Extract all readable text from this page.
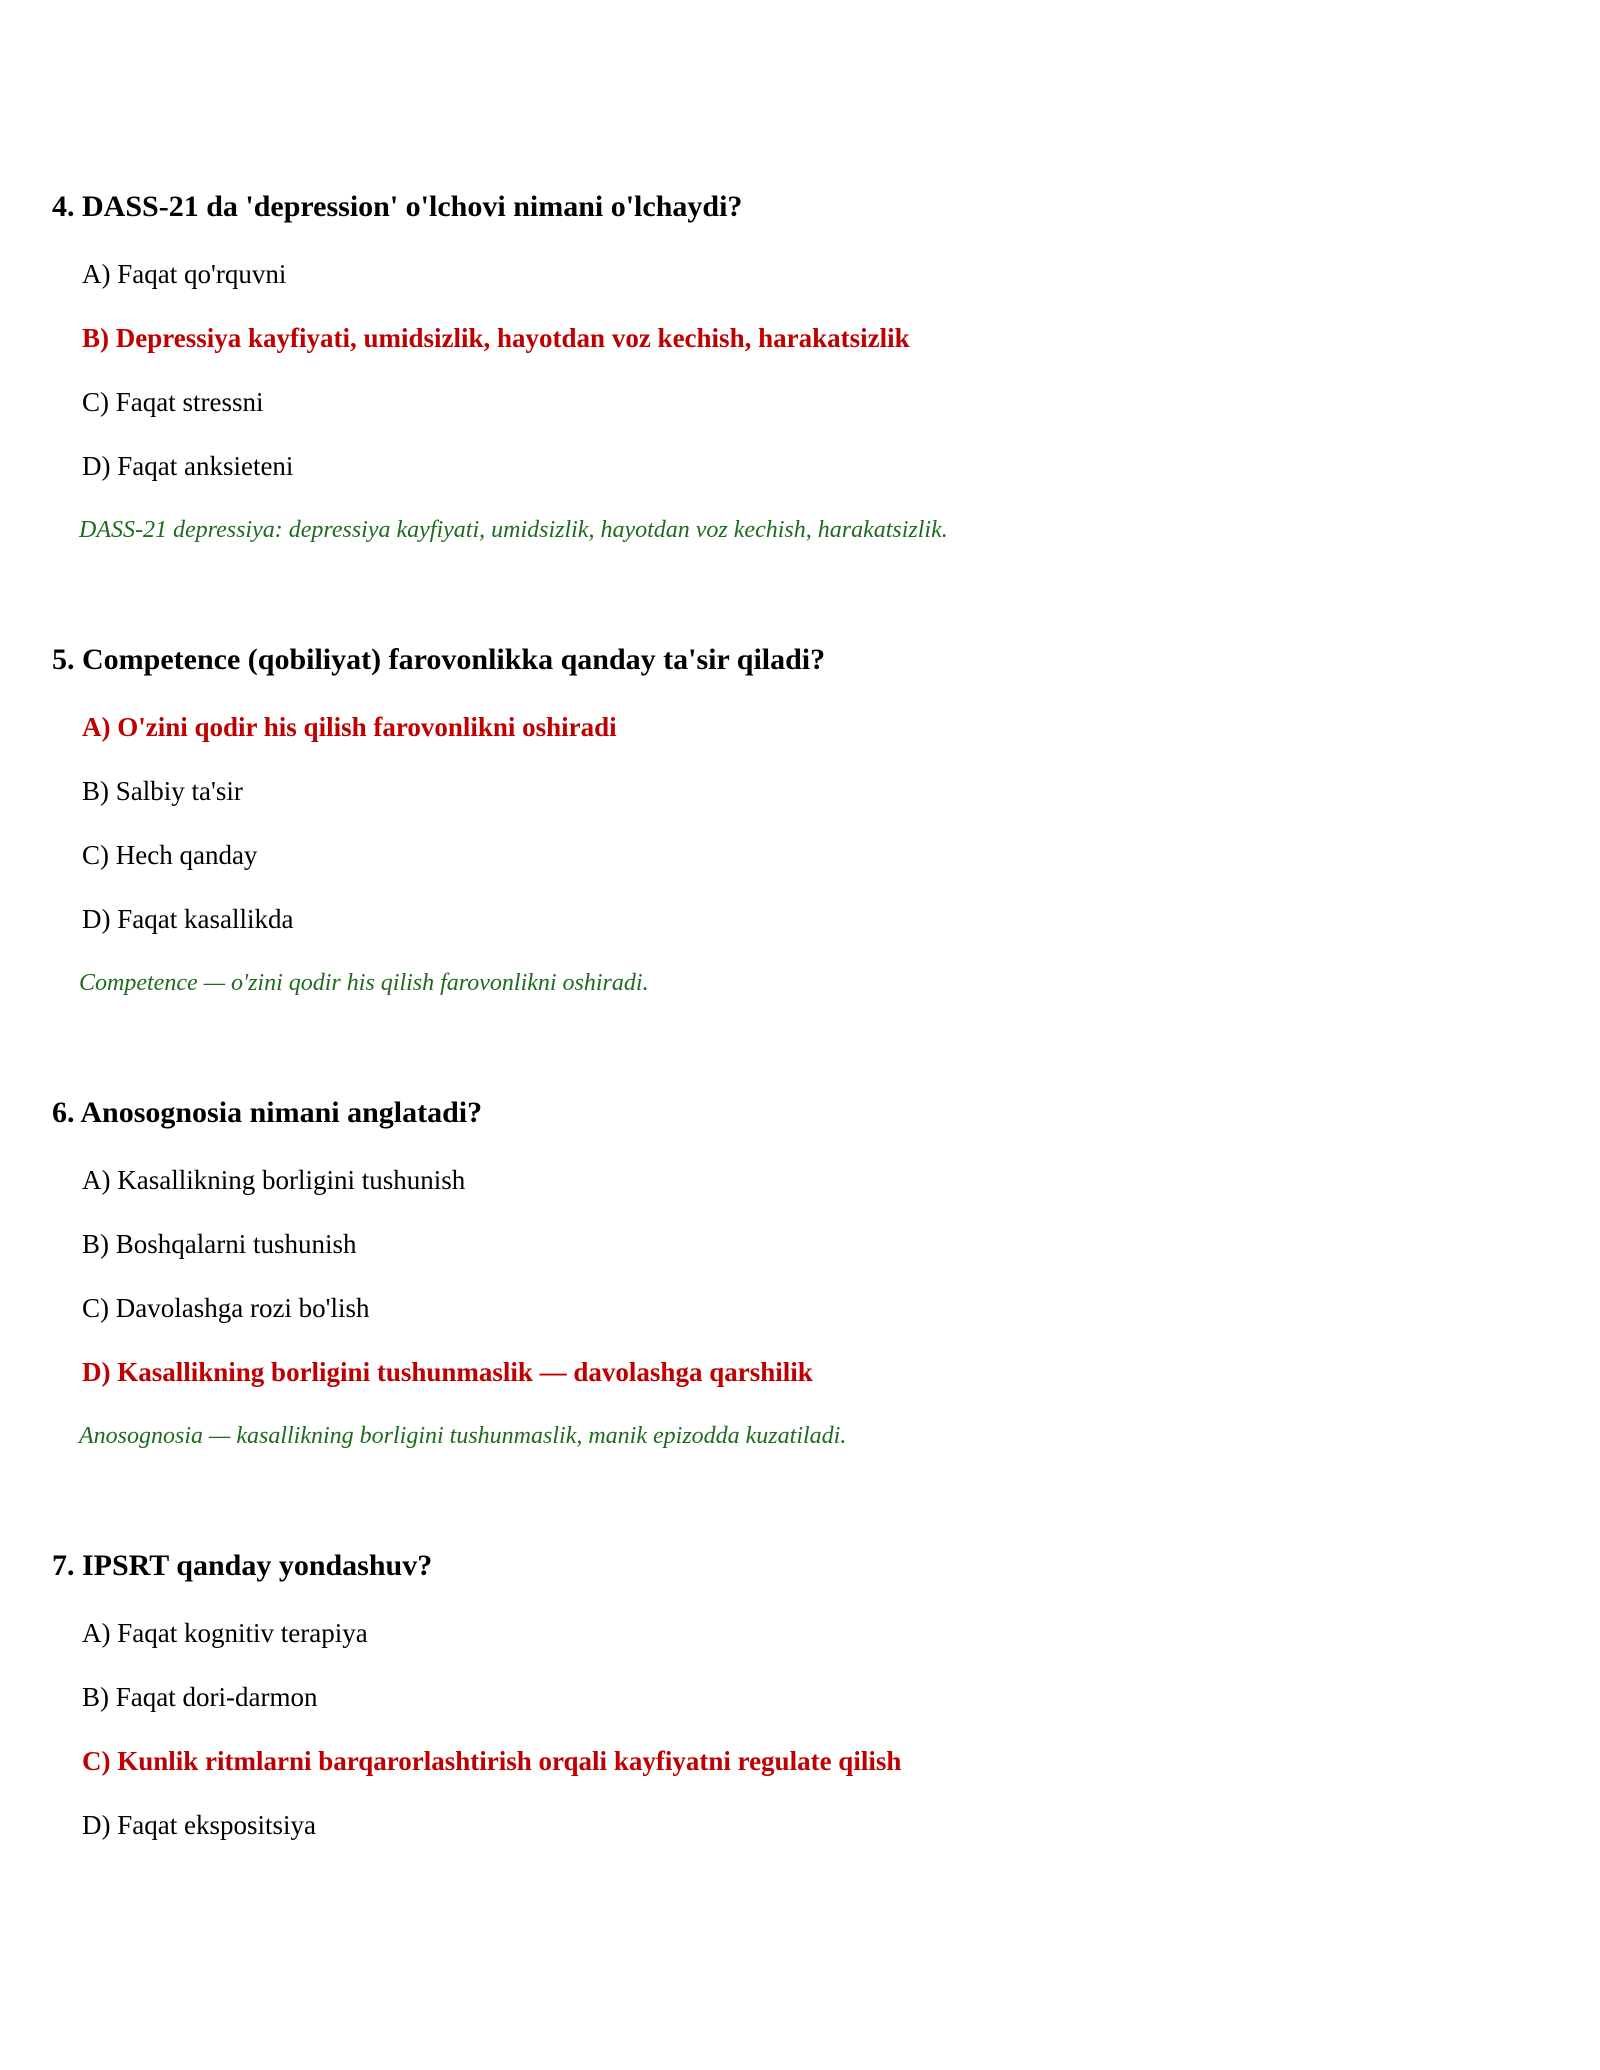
4. DASS-21 da 'depression' o'lchovi nimani o'lchaydi?
A) Faqat qo'rquvni
B) Depressiya kayfiyati, umidsizlik, hayotdan voz kechish, harakatsizlik
C) Faqat stressni
D) Faqat anksieteni
DASS-21 depressiya: depressiya kayfiyati, umidsizlik, hayotdan voz kechish, harakatsizlik.
5. Competence (qobiliyat) farovonlikka qanday ta'sir qiladi?
A) O'zini qodir his qilish farovonlikni oshiradi
B) Salbiy ta'sir
C) Hech qanday
D) Faqat kasallikda
Competence — o'zini qodir his qilish farovonlikni oshiradi.
6. Anosognosia nimani anglatadi?
A) Kasallikning borligini tushunish
B) Boshqalarni tushunish
C) Davolashga rozi bo'lish
D) Kasallikning borligini tushunmaslik — davolashga qarshilik
Anosognosia — kasallikning borligini tushunmaslik, manik epizodda kuzatiladi.
7. IPSRT qanday yondashuv?
A) Faqat kognitiv terapiya
B) Faqat dori-darmon
C) Kunlik ritmlarni barqarorlashtirish orqali kayfiyatni regulate qilish
D) Faqat ekspositsiya
